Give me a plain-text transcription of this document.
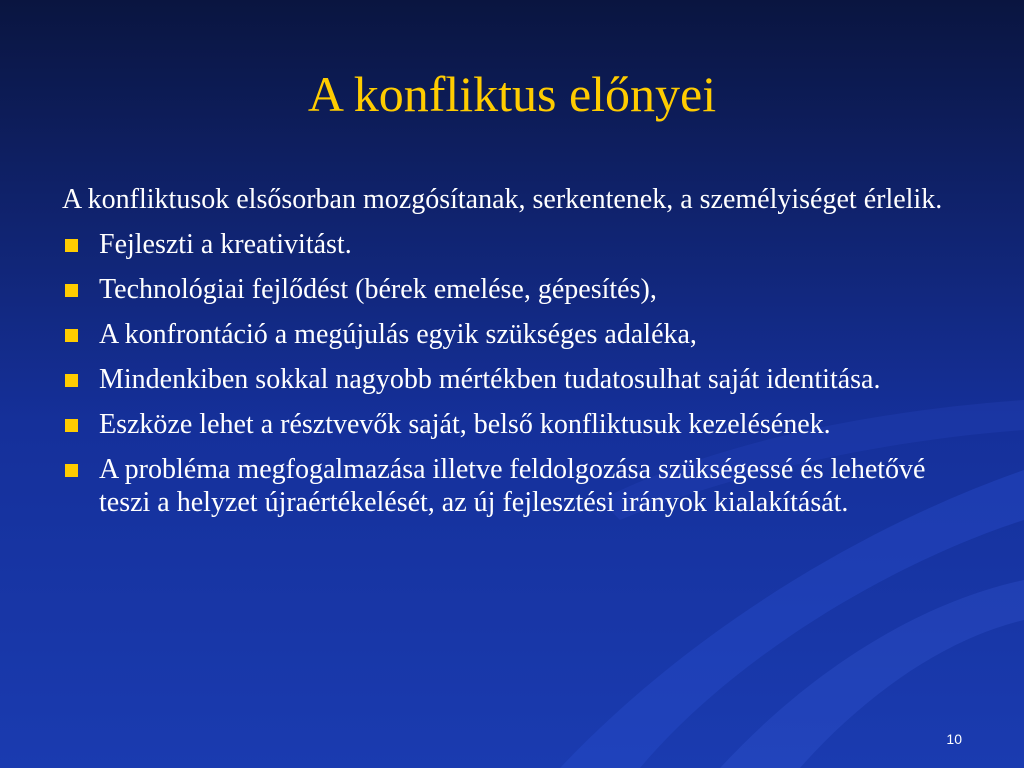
A konfliktus előnyei
A konfliktusok elsősorban mozgósítanak, serkentenek, a személyiséget érlelik.
Fejleszti a kreativitást.
Technológiai fejlődést (bérek emelése, gépesítés),
A konfrontáció a megújulás egyik szükséges adaléka,
Mindenkiben sokkal nagyobb mértékben tudatosulhat saját identitása.
Eszköze lehet a résztvevők saját, belső konfliktusuk kezelésének.
A probléma megfogalmazása illetve feldolgozása szükségessé és lehetővé teszi a helyzet újraértékelését, az új fejlesztési irányok kialakítását.
10
